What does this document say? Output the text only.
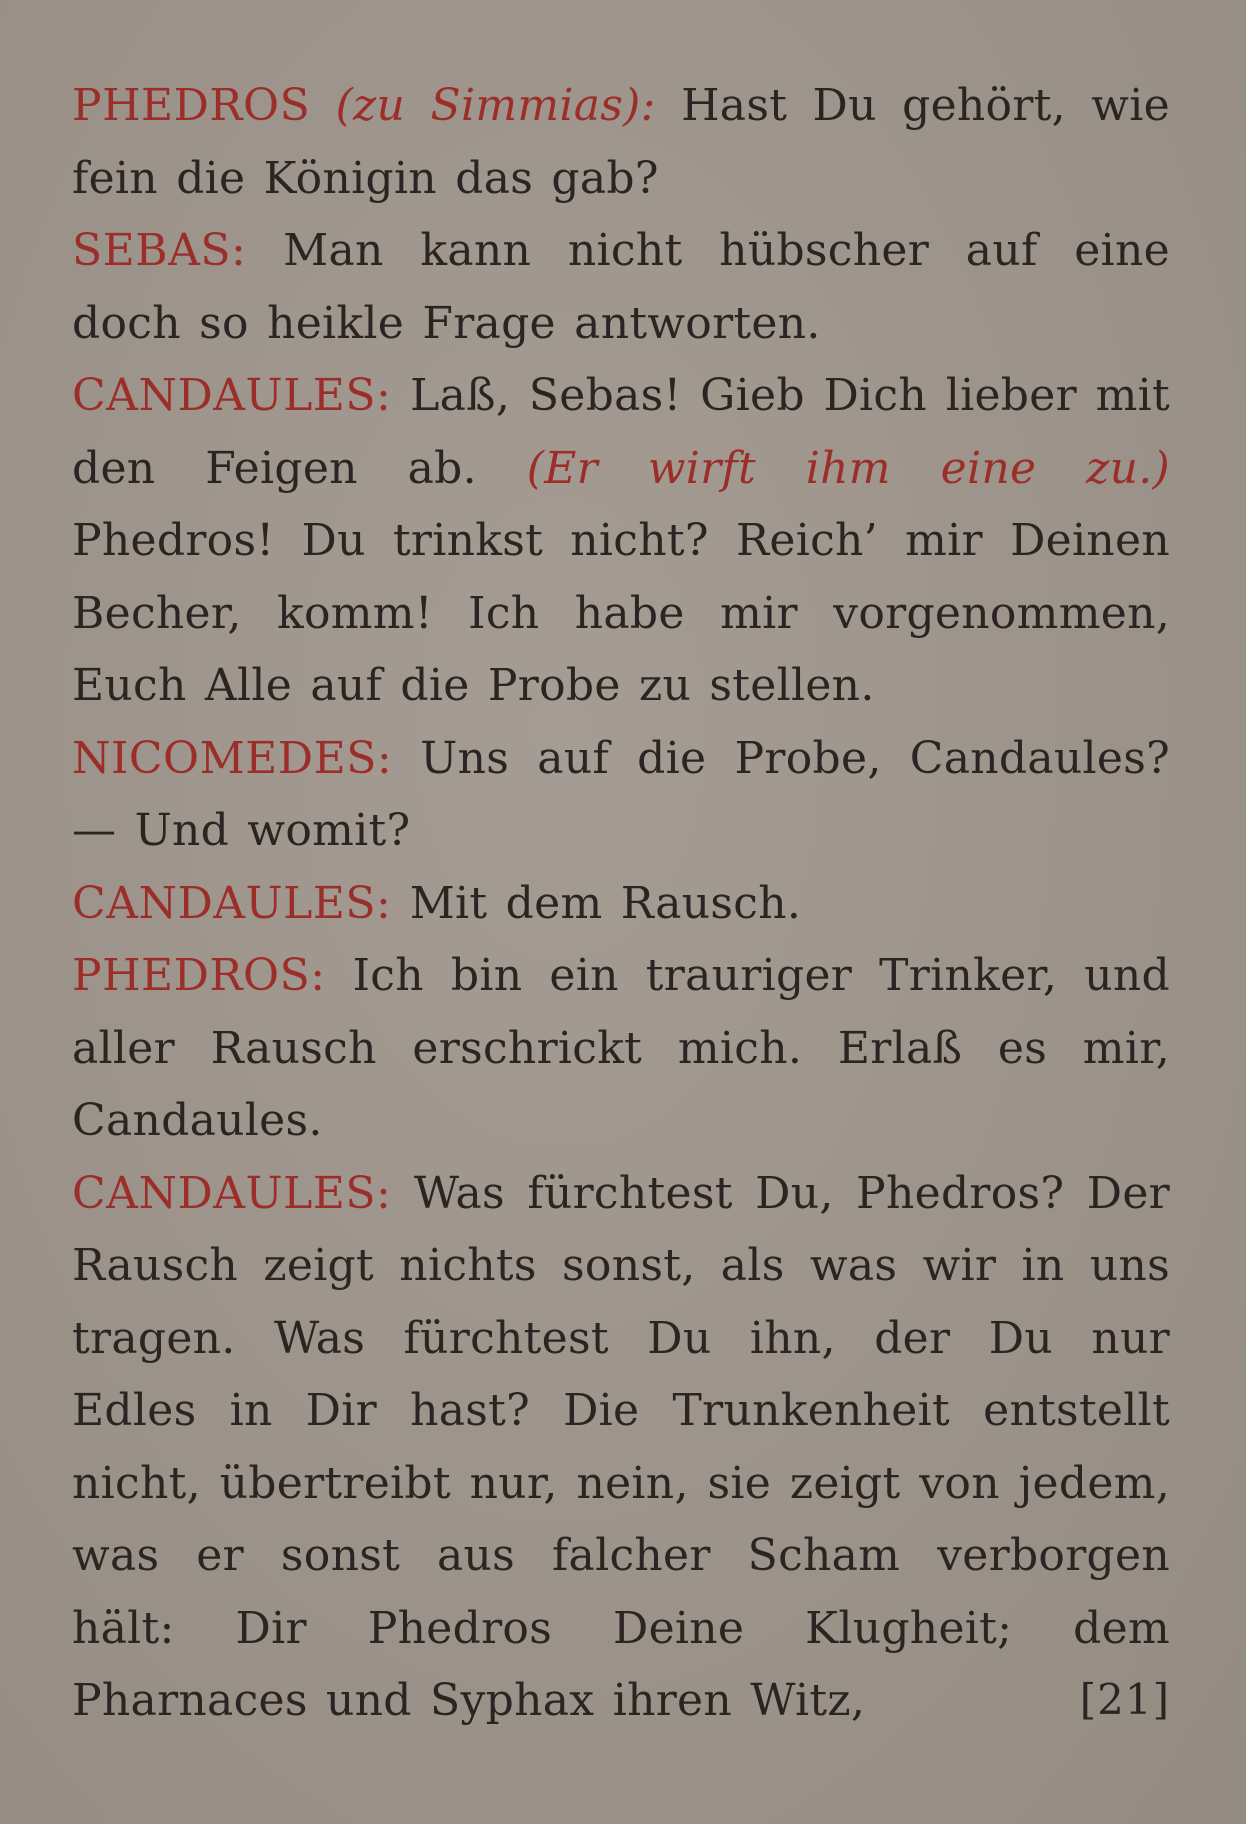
PHEDROS (zu Simmias): Hast Du gehört, wie fein die Königin das gab?

SEBAS: Man kann nicht hübscher auf eine doch so heikle Frage antworten.

CANDAULES: Laß, Sebas! Gieb Dich lieber mit den Feigen ab. (Er wirft ihm eine zu.) Phedros! Du trinkst nicht? Reich’ mir Deinen Becher, komm! Ich habe mir vorgenommen, Euch Alle auf die Probe zu stellen.

NICOMEDES: Uns auf die Probe, Candaules? — Und womit?

CANDAULES: Mit dem Rausch.

PHEDROS: Ich bin ein trauriger Trinker, und aller Rausch erschrickt mich. Erlaß es mir, Candaules.

CANDAULES: Was fürchtest Du, Phedros? Der Rausch zeigt nichts sonst, als was wir in uns tragen. Was fürchtest Du ihn, der Du nur Edles in Dir hast? Die Trunkenheit entstellt nicht, übertreibt nur, nein, sie zeigt von jedem, was er sonst aus falcher Scham verborgen hält: Dir Phedros Deine Klugheit; dem Pharnaces und Syphax ihren Witz,	[21]
